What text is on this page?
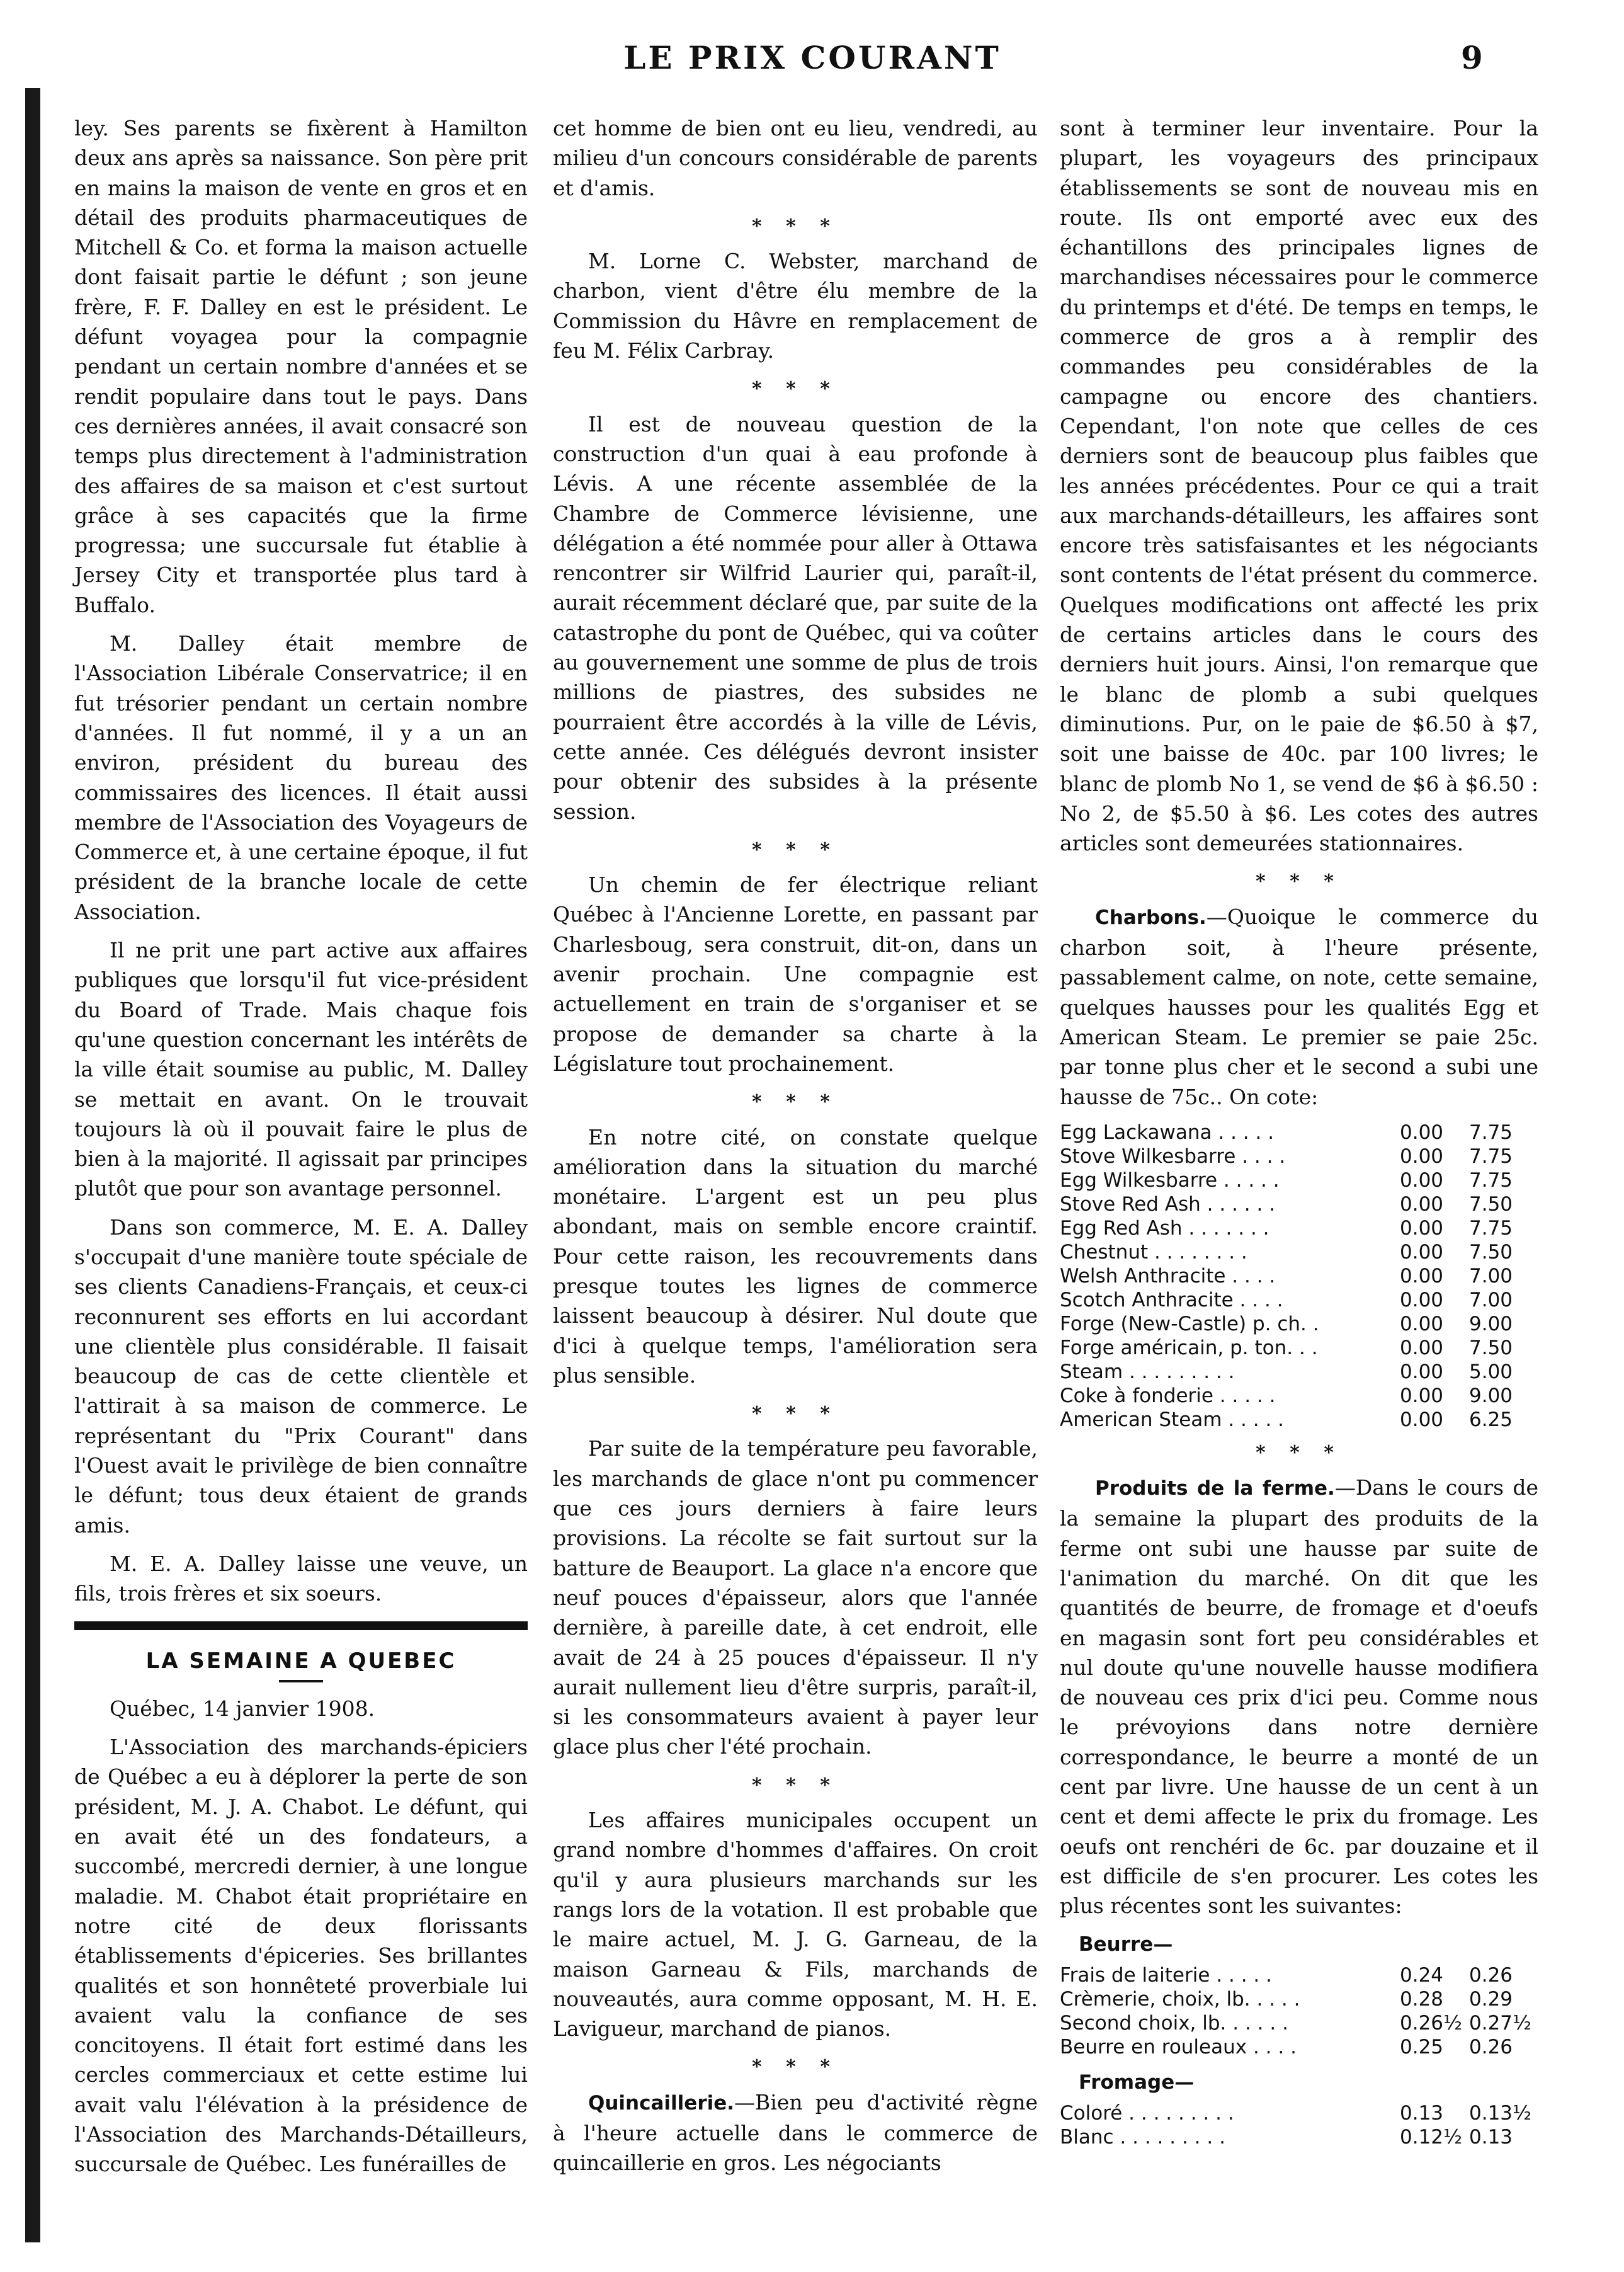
LE PRIX COURANT	9

ley. Ses parents se fixèrent à Hamilton deux ans après sa naissance. Son père prit en mains la maison de vente en gros et en détail des produits pharmaceutiques de Mitchell & Co. et forma la maison actuelle dont faisait partie le défunt ; son jeune frère, F. F. Dalley en est le président. Le défunt voyagea pour la compagnie pendant un certain nombre d'années et se rendit populaire dans tout le pays. Dans ces dernières années, il avait consacré son temps plus directement à l'administration des affaires de sa maison et c'est surtout grâce à ses capacités que la firme progressa; une succursale fut établie à Jersey City et transportée plus tard à Buffalo.

M. Dalley était membre de l'Association Libérale Conservatrice; il en fut trésorier pendant un certain nombre d'années. Il fut nommé, il y a un an environ, président du bureau des commissaires des licences. Il était aussi membre de l'Association des Voyageurs de Commerce et, à une certaine époque, il fut président de la branche locale de cette Association.

Il ne prit une part active aux affaires publiques que lorsqu'il fut vice-président du Board of Trade. Mais chaque fois qu'une question concernant les intérêts de la ville était soumise au public, M. Dalley se mettait en avant. On le trouvait toujours là où il pouvait faire le plus de bien à la majorité. Il agissait par principes plutôt que pour son avantage personnel.

Dans son commerce, M. E. A. Dalley s'occupait d'une manière toute spéciale de ses clients Canadiens-Français, et ceux-ci reconnurent ses efforts en lui accordant une clientèle plus considérable. Il faisait beaucoup de cas de cette clientèle et l'attirait à sa maison de commerce. Le représentant du "Prix Courant" dans l'Ouest avait le privilège de bien connaître le défunt; tous deux étaient de grands amis.

M. E. A. Dalley laisse une veuve, un fils, trois frères et six soeurs.

LA SEMAINE A QUEBEC

Québec, 14 janvier 1908.

L'Association des marchands-épiciers de Québec a eu à déplorer la perte de son président, M. J. A. Chabot. Le défunt, qui en avait été un des fondateurs, a succombé, mercredi dernier, à une longue maladie. M. Chabot était propriétaire en notre cité de deux florissants établissements d'épiceries. Ses brillantes qualités et son honnêteté proverbiale lui avaient valu la confiance de ses concitoyens. Il était fort estimé dans les cercles commerciaux et cette estime lui avait valu l'élévation à la présidence de l'Association des Marchands-Détailleurs, succursale de Québec. Les funérailles de

cet homme de bien ont eu lieu, vendredi, au milieu d'un concours considérable de parents et d'amis.

* * *

M. Lorne C. Webster, marchand de charbon, vient d'être élu membre de la Commission du Hâvre en remplacement de feu M. Félix Carbray.

* * *

Il est de nouveau question de la construction d'un quai à eau profonde à Lévis. A une récente assemblée de la Chambre de Commerce lévisienne, une délégation a été nommée pour aller à Ottawa rencontrer sir Wilfrid Laurier qui, paraît-il, aurait récemment déclaré que, par suite de la catastrophe du pont de Québec, qui va coûter au gouvernement une somme de plus de trois millions de piastres, des subsides ne pourraient être accordés à la ville de Lévis, cette année. Ces délégués devront insister pour obtenir des subsides à la présente session.

* * *

Un chemin de fer électrique reliant Québec à l'Ancienne Lorette, en passant par Charlesboug, sera construit, dit-on, dans un avenir prochain. Une compagnie est actuellement en train de s'organiser et se propose de demander sa charte à la Législature tout prochainement.

* * *

En notre cité, on constate quelque amélioration dans la situation du marché monétaire. L'argent est un peu plus abondant, mais on semble encore craintif. Pour cette raison, les recouvrements dans presque toutes les lignes de commerce laissent beaucoup à désirer. Nul doute que d'ici à quelque temps, l'amélioration sera plus sensible.

* * *

Par suite de la température peu favorable, les marchands de glace n'ont pu commencer que ces jours derniers à faire leurs provisions. La récolte se fait surtout sur la batture de Beauport. La glace n'a encore que neuf pouces d'épaisseur, alors que l'année dernière, à pareille date, à cet endroit, elle avait de 24 à 25 pouces d'épaisseur. Il n'y aurait nullement lieu d'être surpris, paraît-il, si les consommateurs avaient à payer leur glace plus cher l'été prochain.

* * *

Les affaires municipales occupent un grand nombre d'hommes d'affaires. On croit qu'il y aura plusieurs marchands sur les rangs lors de la votation. Il est probable que le maire actuel, M. J. G. Garneau, de la maison Garneau & Fils, marchands de nouveautés, aura comme opposant, M. H. E. Lavigueur, marchand de pianos.

* * *

Quincaillerie.—Bien peu d'activité règne à l'heure actuelle dans le commerce de quincaillerie en gros. Les négociants

sont à terminer leur inventaire. Pour la plupart, les voyageurs des principaux établissements se sont de nouveau mis en route. Ils ont emporté avec eux des échantillons des principales lignes de marchandises nécessaires pour le commerce du printemps et d'été. De temps en temps, le commerce de gros a à remplir des commandes peu considérables de la campagne ou encore des chantiers. Cependant, l'on note que celles de ces derniers sont de beaucoup plus faibles que les années précédentes. Pour ce qui a trait aux marchands-détailleurs, les affaires sont encore très satisfaisantes et les négociants sont contents de l'état présent du commerce. Quelques modifications ont affecté les prix de certains articles dans le cours des derniers huit jours. Ainsi, l'on remarque que le blanc de plomb a subi quelques diminutions. Pur, on le paie de $6.50 à $7, soit une baisse de 40c. par 100 livres; le blanc de plomb No 1, se vend de $6 à $6.50 : No 2, de $5.50 à $6. Les cotes des autres articles sont demeurées stationnaires.

* * *

Charbons.—Quoique le commerce du charbon soit, à l'heure présente, passablement calme, on note, cette semaine, quelques hausses pour les qualités Egg et American Steam. Le premier se paie 25c. par tonne plus cher et le second a subi une hausse de 75c.. On cote:

Egg Lackawana . . . . .	0.00	7.75
Stove Wilkesbarre . . . .	0.00	7.75
Egg Wilkesbarre . . . . .	0.00	7.75
Stove Red Ash . . . . . .	0.00	7.50
Egg Red Ash . . . . . . .	0.00	7.75
Chestnut . . . . . . . .	0.00	7.50
Welsh Anthracite . . . .	0.00	7.00
Scotch Anthracite . . . .	0.00	7.00
Forge (New-Castle) p. ch. .	0.00	9.00
Forge américain, p. ton. . .	0.00	7.50
Steam . . . . . . . . .	0.00	5.00
Coke à fonderie . . . . .	0.00	9.00
American Steam . . . . .	0.00	6.25
* * *

Produits de la ferme.—Dans le cours de la semaine la plupart des produits de la ferme ont subi une hausse par suite de l'animation du marché. On dit que les quantités de beurre, de fromage et d'oeufs en magasin sont fort peu considérables et nul doute qu'une nouvelle hausse modifiera de nouveau ces prix d'ici peu. Comme nous le prévoyions dans notre dernière correspondance, le beurre a monté de un cent par livre. Une hausse de un cent à un cent et demi affecte le prix du fromage. Les oeufs ont renchéri de 6c. par douzaine et il est difficile de s'en procurer. Les cotes les plus récentes sont les suivantes:

Beurre—
Frais de laiterie . . . . .	0.24	0.26
Crèmerie, choix, lb. . . . .	0.28	0.29
Second choix, lb. . . . . .	0.26½	0.27½
Beurre en rouleaux . . . .	0.25	0.26
Fromage—
Coloré . . . . . . . . .	0.13	0.13½
Blanc . . . . . . . . .	0.12½	0.13
